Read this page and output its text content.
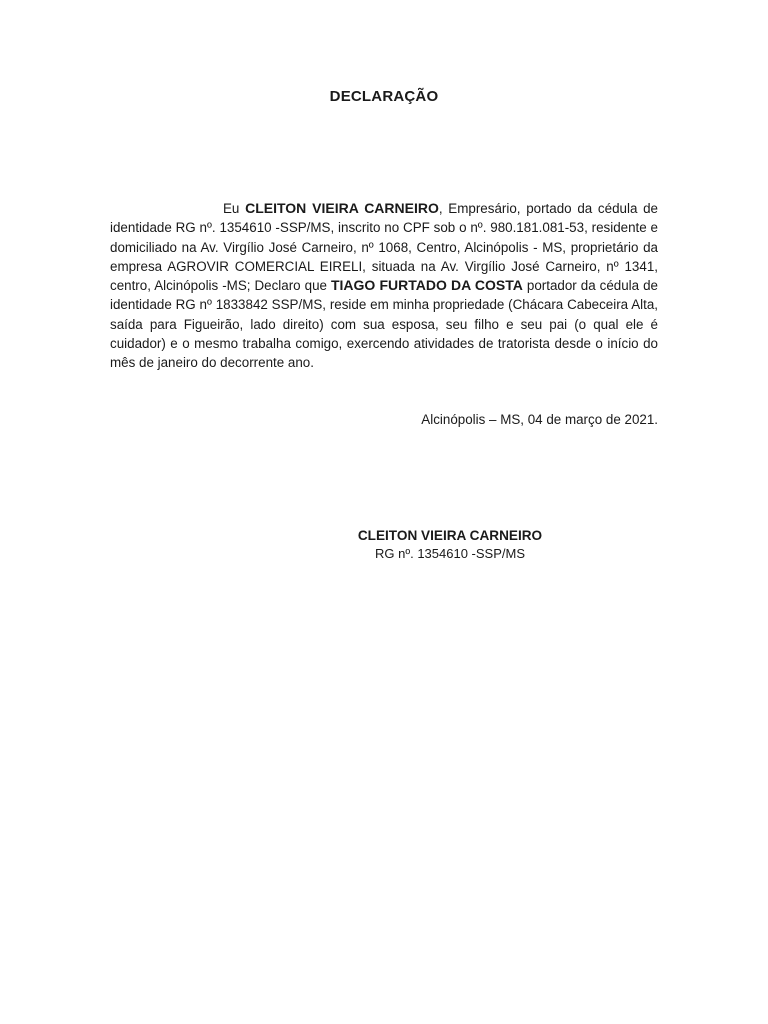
DECLARAÇÃO

Eu CLEITON VIEIRA CARNEIRO, Empresário, portado da cédula de identidade RG nº. 1354610 -SSP/MS, inscrito no CPF sob o nº. 980.181.081-53, residente e domiciliado na Av. Virgílio José Carneiro, nº 1068, Centro, Alcinópolis - MS, proprietário da empresa AGROVIR COMERCIAL EIRELI, situada na Av. Virgílio José Carneiro, nº 1341, centro, Alcinópolis -MS; Declaro que TIAGO FURTADO DA COSTA portador da cédula de identidade RG nº 1833842 SSP/MS, reside em minha propriedade (Chácara Cabeceira Alta, saída para Figueirão, lado direito) com sua esposa, seu filho e seu pai (o qual ele é cuidador) e o mesmo trabalha comigo, exercendo atividades de tratorista desde o início do mês de janeiro do decorrente ano.

Alcinópolis – MS, 04 de março de 2021.
CLEITON VIEIRA CARNEIRO
RG nº. 1354610 -SSP/MS
